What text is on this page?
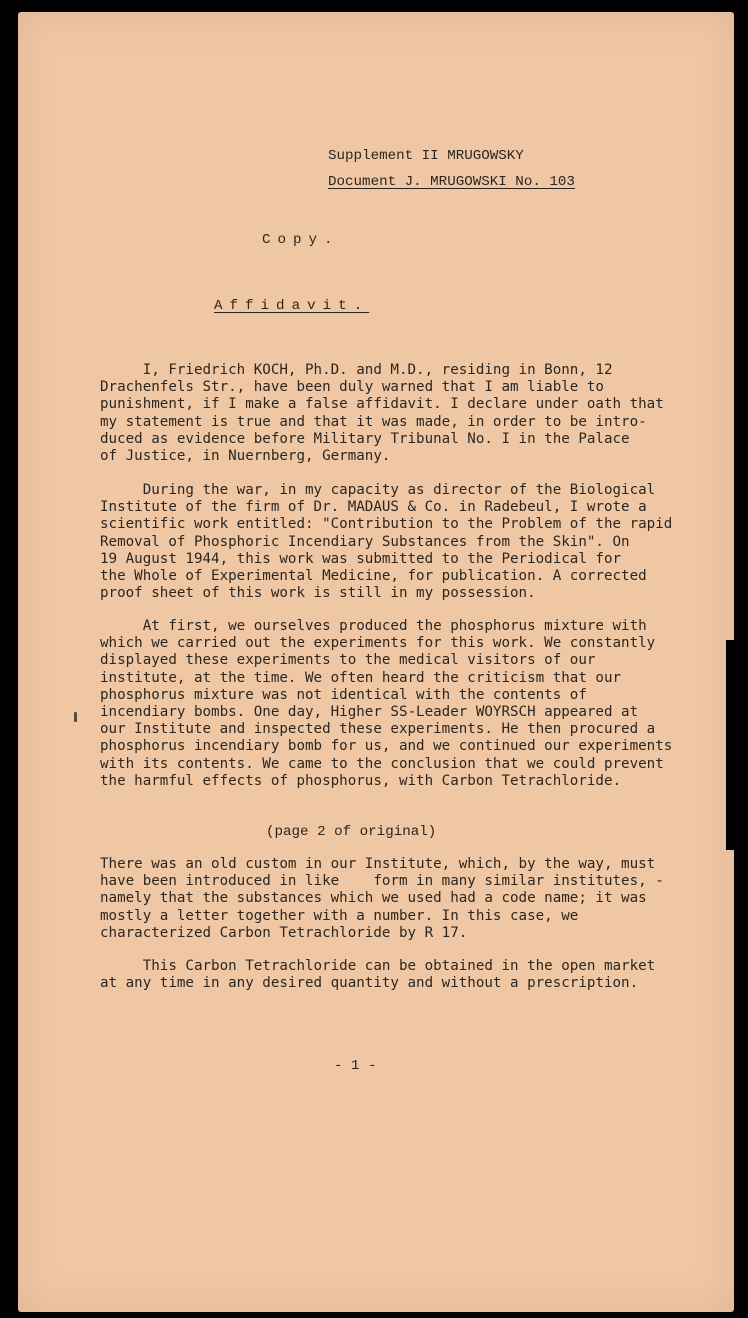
Supplement II MRUGOWSKY
Document J. MRUGOWSKI No. 103
Copy.
Affidavit.
I, Friedrich KOCH, Ph.D. and M.D., residing in Bonn, 12
Drachenfels Str., have been duly warned that I am liable to
punishment, if I make a false affidavit. I declare under oath that
my statement is true and that it was made, in order to be intro-
duced as evidence before Military Tribunal No. I in the Palace
of Justice, in Nuernberg, Germany.
During the war, in my capacity as director of the Biological
Institute of the firm of Dr. MADAUS & Co. in Radebeul, I wrote a
scientific work entitled: "Contribution to the Problem of the rapid
Removal of Phosphoric Incendiary Substances from the Skin". On
19 August 1944, this work was submitted to the Periodical for
the Whole of Experimental Medicine, for publication. A corrected
proof sheet of this work is still in my possession.
At first, we ourselves produced the phosphorus mixture with
which we carried out the experiments for this work. We constantly
displayed these experiments to the medical visitors of our
institute, at the time. We often heard the criticism that our
phosphorus mixture was not identical with the contents of
incendiary bombs. One day, Higher SS-Leader WOYRSCH appeared at
our Institute and inspected these experiments. He then procured a
phosphorus incendiary bomb for us, and we continued our experiments
with its contents. We came to the conclusion that we could prevent
the harmful effects of phosphorus, with Carbon Tetrachloride.
(page 2 of original)
There was an old custom in our Institute, which, by the way, must
have been introduced in like    form in many similar institutes, -
namely that the substances which we used had a code name; it was
mostly a letter together with a number. In this case, we
characterized Carbon Tetrachloride by R 17.
This Carbon Tetrachloride can be obtained in the open market
at any time in any desired quantity and without a prescription.
- 1 -
